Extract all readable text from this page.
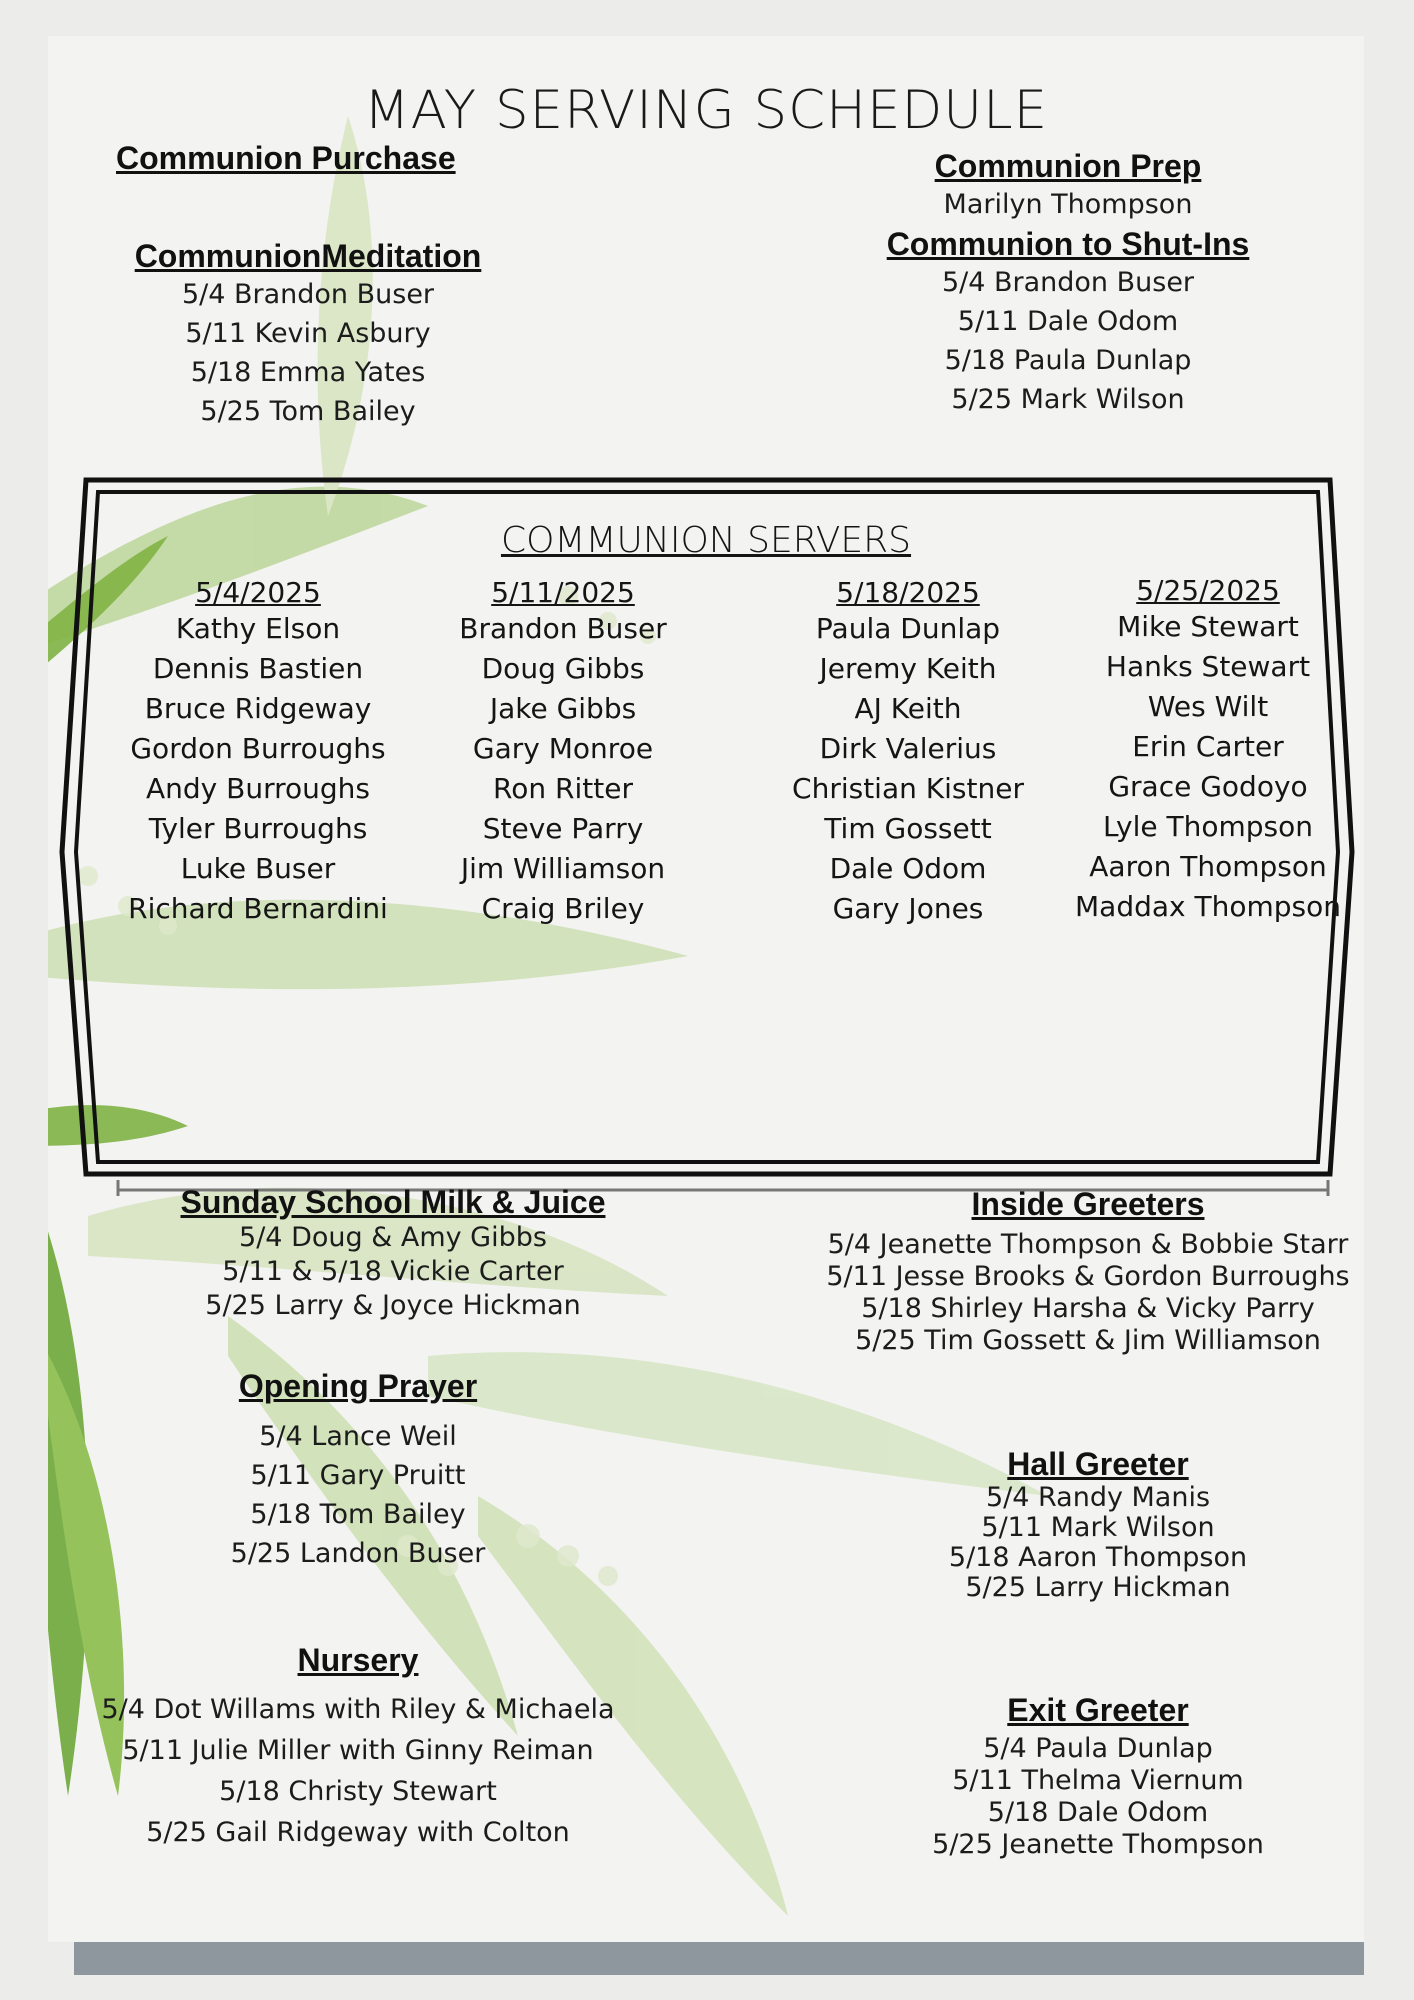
MAY SERVING SCHEDULE
Communion Purchase	Communion Prep
Marilyn Thompson
CommunionMeditation
5/4 Brandon Buser
5/11 Kevin Asbury
5/18 Emma Yates
5/25 Tom Bailey
Communion to Shut-Ins
5/4 Brandon Buser
5/11 Dale Odom
5/18 Paula Dunlap
5/25 Mark Wilson
COMMUNION SERVERS
5/4/2025
Kathy Elson
Dennis Bastien
Bruce Ridgeway
Gordon Burroughs
Andy Burroughs
Tyler Burroughs
Luke Buser
Richard Bernardini
5/11/2025
Brandon Buser
Doug Gibbs
Jake Gibbs
Gary Monroe
Ron Ritter
Steve Parry
Jim Williamson
Craig Briley
5/18/2025
Paula Dunlap
Jeremy Keith
AJ Keith
Dirk Valerius
Christian Kistner
Tim Gossett
Dale Odom
Gary Jones
5/25/2025
Mike Stewart
Hanks Stewart
Wes Wilt
Erin Carter
Grace Godoyo
Lyle Thompson
Aaron Thompson
Maddax Thompson
Sunday School Milk & Juice
5/4 Doug & Amy Gibbs
5/11 & 5/18 Vickie Carter
5/25 Larry & Joyce Hickman
Inside Greeters
5/4 Jeanette Thompson & Bobbie Starr
5/11 Jesse Brooks & Gordon Burroughs
5/18 Shirley Harsha & Vicky Parry
5/25 Tim Gossett & Jim Williamson
Opening Prayer
5/4 Lance Weil
5/11 Gary Pruitt
5/18 Tom Bailey
5/25 Landon Buser
Hall Greeter
5/4 Randy Manis
5/11 Mark Wilson
5/18 Aaron Thompson
5/25 Larry Hickman
Nursery
5/4 Dot Willams with Riley & Michaela
5/11 Julie Miller with Ginny Reiman
5/18 Christy Stewart
5/25 Gail Ridgeway with Colton
Exit Greeter
5/4 Paula Dunlap
5/11 Thelma Viernum
5/18 Dale Odom
5/25 Jeanette Thompson
